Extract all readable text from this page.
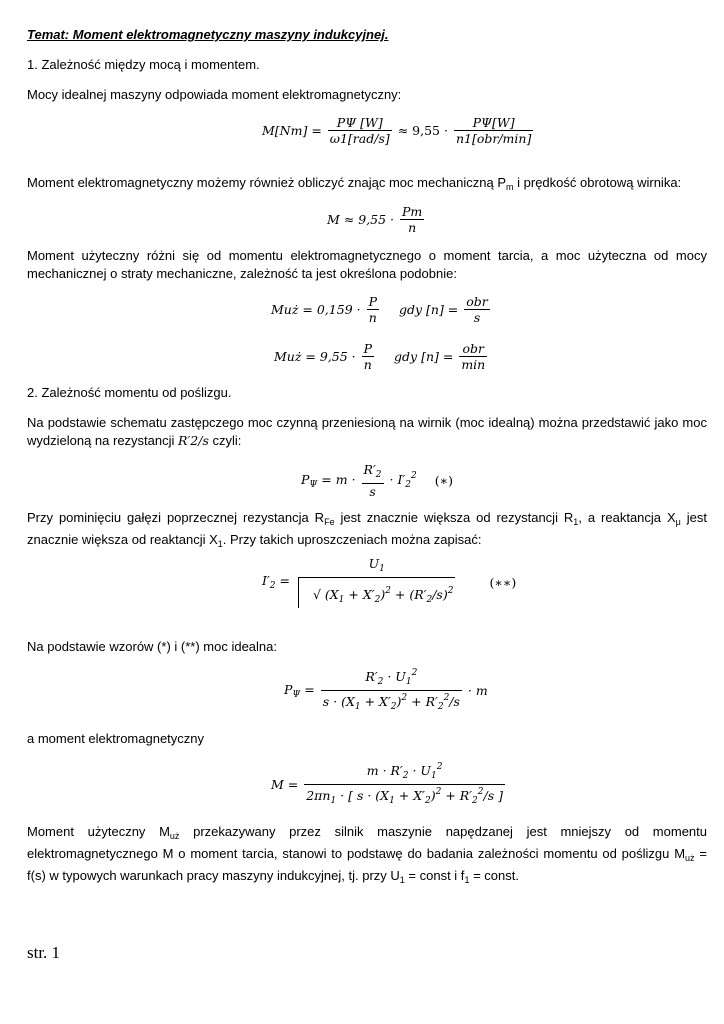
Temat: Moment elektromagnetyczny maszyny indukcyjnej.
1. Zależność między mocą i momentem.
Mocy idealnej maszyny odpowiada moment elektromagnetyczny:
$M[Nm] = \frac{P\Psi [W]}{\text{ω1[rad/s]}} \approx 9,55 \cdot \frac{P\Psi[W]}{\text{n1[obr/min]}}$
Moment elektromagnetyczny możemy również obliczyć znając moc mechaniczną $P_m$ i prędkość obrotową wirnika:
$M \approx 9,55 \cdot \frac{Pm}{n}$
Moment użyteczny różni się od momentu elektromagnetycznego o moment tarcia, a moc użyteczna od mocy mechanicznej o straty mechaniczne, zależność ta jest określona podobnie:
Muż = $0,159 \cdot \frac{P}{n}$ gdy $[n] = \frac{\text{obr}}{s}$
Muż = $9,55 \cdot \frac{P}{n}$ gdy $[n] = \frac{\text{obr}}{\min}$
2. Zależność momentu od poślizgu.
Na podstawie schematu zastępczego moc czynną przeniesioną na wirnik (moc idealną) można przedstawić jako moc wydzieloną na rezystancji R′2/s czyli:
$P_\Psi = m \cdot \frac{R'_2}{s} \cdot I'_2^2$ (∗)
Przy pominięciu gałęzi poprzecznej rezystancja $R_{Fe}$ jest znacznie większa od rezystancji $R_1$, a reaktancja $X_\mu$ jest znacznie większa od reaktancji $X_1$. Przy takich uproszczeniach można zapisać:
$I'_2 = \frac{U_1}{√ (X_1 + X'_2)^2 + (R'_2/s)^2}$	(∗∗)
Na podstawie wzorów (*) i (**) moc idealna:
$P_\Psi = \frac{R'_2 \cdot U_1^2}{s \cdot (X_1 + X'_2)^2 + R'_2^2/s} \cdot m$
a moment elektromagnetyczny
$M = \frac{m \cdot R'_2 \cdot U_1^2}{2\pi n_1 \cdot [ s \cdot (X_1 + X'_2)^2 + R'_2^2/s ]}$
Moment użyteczny $M_{uż}$ przekazywany przez silnik maszynie napędzanej jest mniejszy od momentu elektromagnetycznego M o moment tarcia, stanowi to podstawę do badania zależności momentu od poślizgu $M_{uż} = f(s)$ w typowych warunkach pracy maszyny indukcyjnej, tj. przy $U_1$ = const i $f_1$ = const.
str. 1
